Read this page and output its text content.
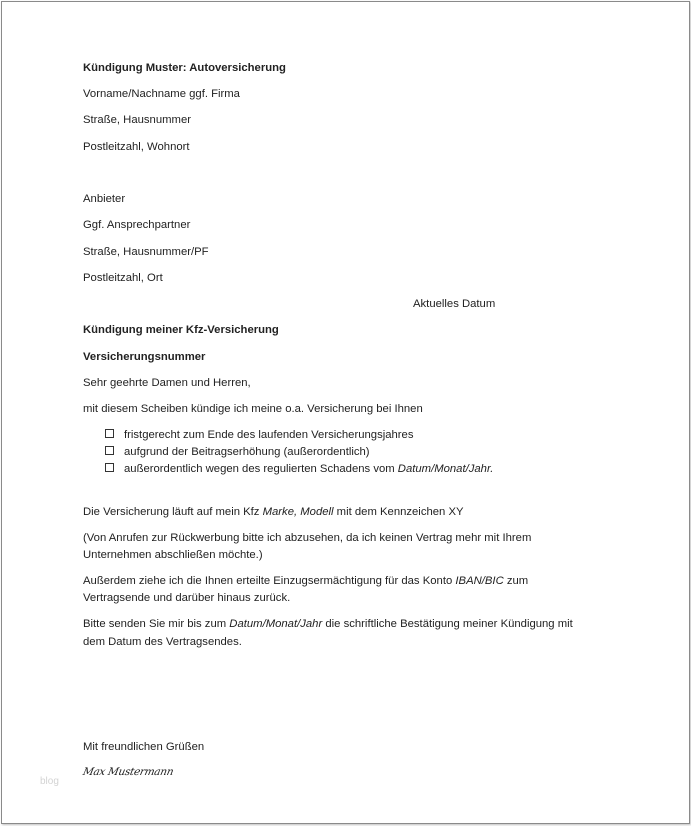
Kündigung Muster: Autoversicherung
Vorname/Nachname ggf. Firma
Straße, Hausnummer
Postleitzahl, Wohnort
Anbieter
Ggf. Ansprechpartner
Straße, Hausnummer/PF
Postleitzahl, Ort
Aktuelles Datum
Kündigung meiner Kfz-Versicherung
Versicherungsnummer
Sehr geehrte Damen und Herren,
mit diesem Scheiben kündige ich meine o.a. Versicherung bei Ihnen
fristgerecht zum Ende des laufenden Versicherungsjahres
aufgrund der Beitragserhöhung (außerordentlich)
außerordentlich wegen des regulierten Schadens vom Datum/Monat/Jahr.
Die Versicherung läuft auf mein Kfz Marke, Modell mit dem Kennzeichen XY
(Von Anrufen zur Rückwerbung bitte ich abzusehen, da ich keinen Vertrag mehr mit Ihrem
Unternehmen abschließen möchte.)
Außerdem ziehe ich die Ihnen erteilte Einzugsermächtigung für das Konto IBAN/BIC zum
Vertragsende und darüber hinaus zurück.
Bitte senden Sie mir bis zum Datum/Monat/Jahr die schriftliche Bestätigung meiner Kündigung mit
dem Datum des Vertragsendes.
Mit freundlichen Grüßen
Max Mustermann
blog
